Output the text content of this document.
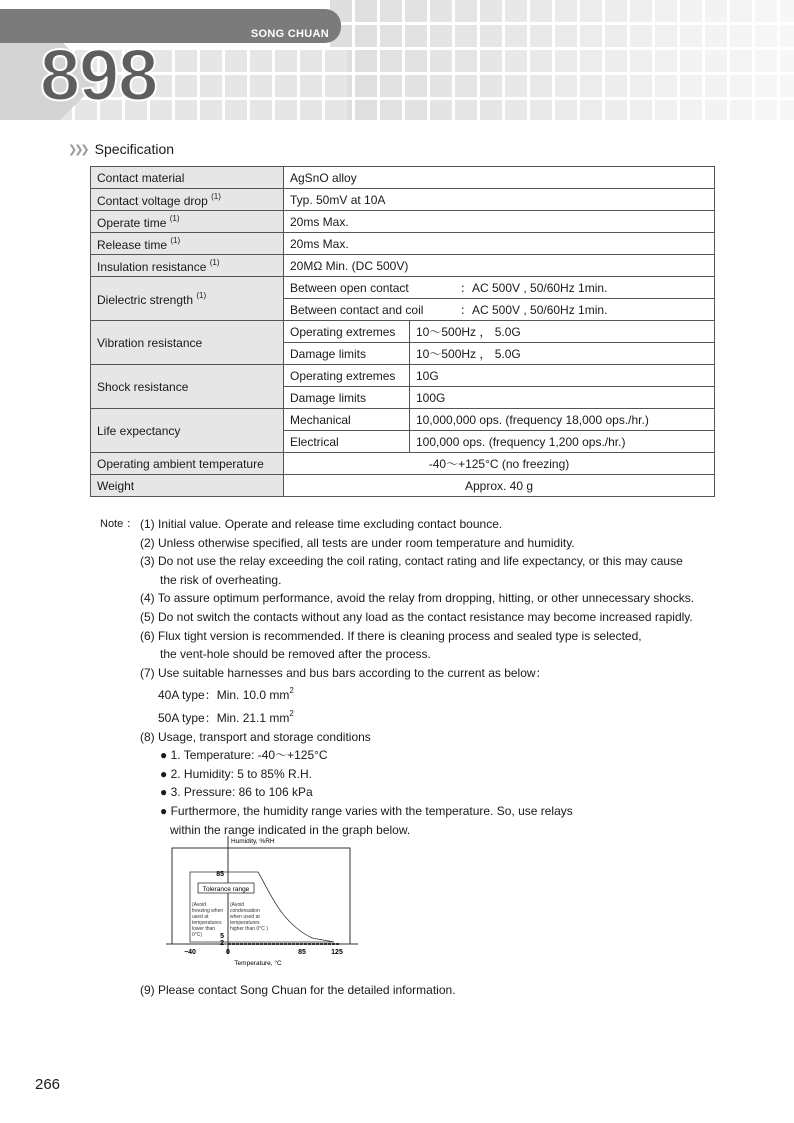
SONG CHUAN
898
❯❯❯ Specification
Contact material	AgSnO alloy	
Contact voltage drop $^{(1)}$	Typ. 50mV at 10A	
Operate time $^{(1)}$	20ms Max.	
Release time $^{(1)}$	20ms Max.	
Insulation resistance $^{(1)}$	20MΩ Min. (DC 500V)	
Dielectric strength $^{(1)}$	Between open contact ：AC 500V , 50/60Hz 1min.	
	Between contact and coil ：AC 500V , 50/60Hz 1min.	
Vibration resistance	Operating extremes	10～500Hz ， 5.0G
	Damage limits	10～500Hz ， 5.0G
Shock resistance	Operating extremes	10G
	Damage limits	100G
Life expectancy	Mechanical	10,000,000 ops. (frequency 18,000 ops./hr.)
	Electrical	100,000 ops. (frequency 1,200 ops./hr.)
Operating ambient temperature	-40～+125°C (no freezing)	
Weight	Approx. 40 g	
Note ： (1) Initial value. Operate and release time excluding contact bounce.
(2) Unless otherwise specified, all tests are under room temperature and humidity.
(3) Do not use the relay exceeding the coil rating, contact rating and life expectancy, or this may cause
the risk of overheating.
(4) To assure optimum performance, avoid the relay from dropping, hitting, or other unnecessary shocks.
(5) Do not switch the contacts without any load as the contact resistance may become increased rapidly.
(6) Flux tight version is recommended. If there is cleaning process and sealed type is selected,
the vent-hole should be removed after the process.
(7) Use suitable harnesses and bus bars according to the current as below：
40A type：Min. 10.0 $mm^2$
50A type：Min. 21.1 $mm^2$
(8) Usage, transport and storage conditions
● 1. Temperature: -40～+125°C
● 2. Humidity: 5 to 85% R.H.
● 3. Pressure: 86 to 106 kPa
● Furthermore, the humidity range varies with the temperature. So, use relays
within the range indicated in the graph below.
Tolerance range
Humidity, %RH
Temperature, °C
85
5
2
−40	0	85	125
(Avoid
freezing when
used at
temperatures
lower than
0°C)
(Avoid
condensation
when used at
temperatures
higher than 0°C )
(9) Please contact Song Chuan for the detailed information.
266
